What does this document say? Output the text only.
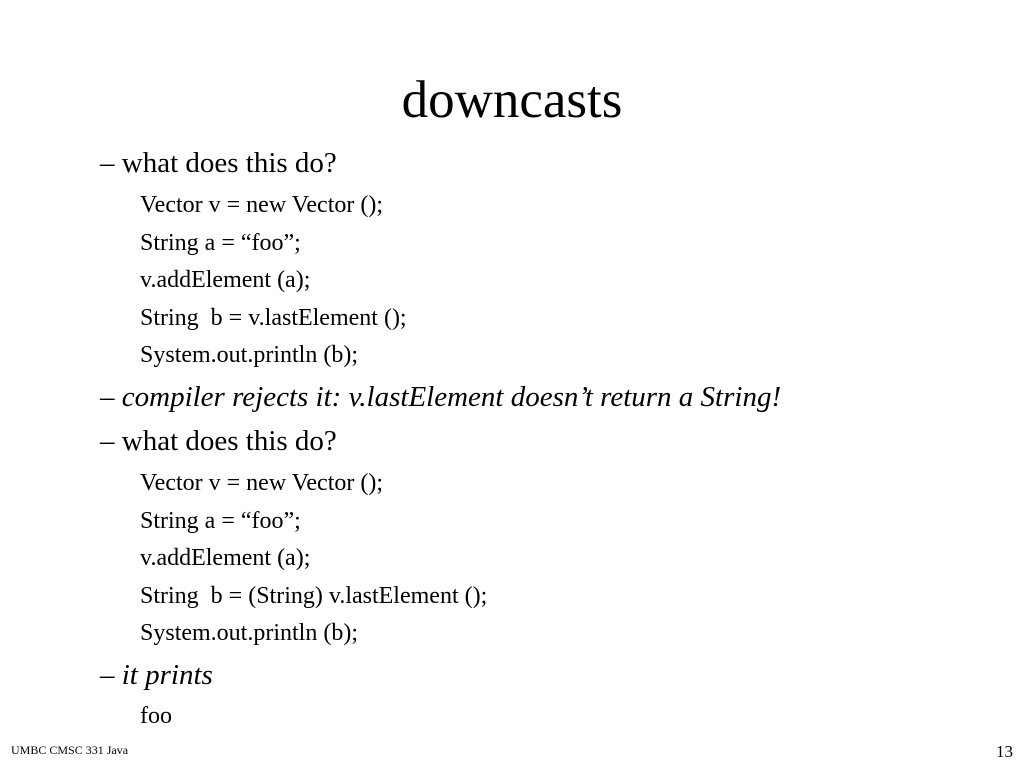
downcasts
– what does this do?
Vector v = new Vector ();
String a = “foo”;
v.addElement (a);
String  b = v.lastElement ();
System.out.println (b);
– compiler rejects it: v.lastElement doesn’t return a String!
– what does this do?
Vector v = new Vector ();
String a = “foo”;
v.addElement (a);
String  b = (String) v.lastElement ();
System.out.println (b);
– it prints
foo
UMBC CMSC 331 Java	13
